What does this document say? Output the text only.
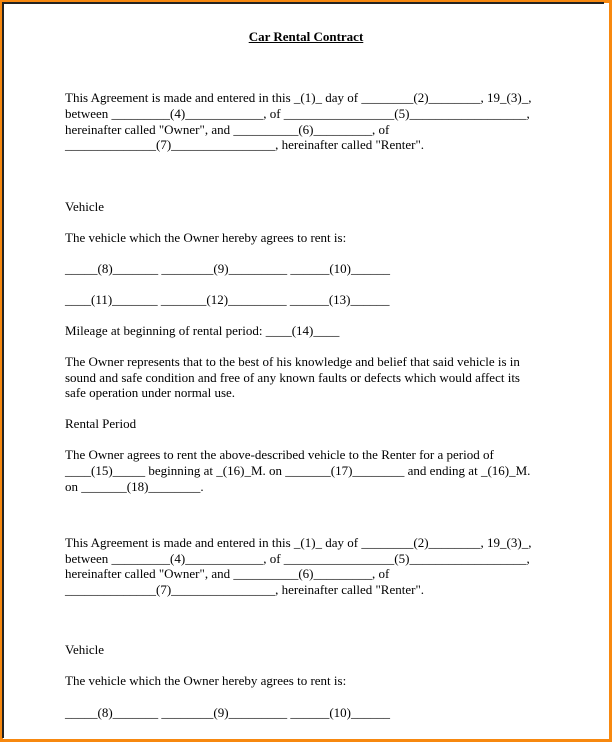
Car Rental Contract
This Agreement is made and entered in this _(1)_ day of ________(2)________, 19_(3)_,
between _________(4)____________, of _________________(5)__________________,
hereinafter called "Owner", and __________(6)_________, of
______________(7)________________, hereinafter called "Renter".
Vehicle
The vehicle which the Owner hereby agrees to rent is:
_____(8)_______ ________(9)_________ ______(10)______
____(11)_______ _______(12)_________ ______(13)______
Mileage at beginning of rental period: ____(14)____
The Owner represents that to the best of his knowledge and belief that said vehicle is in
sound and safe condition and free of any known faults or defects which would affect its
safe operation under normal use.
Rental Period
The Owner agrees to rent the above-described vehicle to the Renter for a period of
____(15)_____ beginning at _(16)_M. on _______(17)________ and ending at _(16)_M.
on _______(18)________.
This Agreement is made and entered in this _(1)_ day of ________(2)________, 19_(3)_,
between _________(4)____________, of _________________(5)__________________,
hereinafter called "Owner", and __________(6)_________, of
______________(7)________________, hereinafter called "Renter".
Vehicle
The vehicle which the Owner hereby agrees to rent is:
_____(8)_______ ________(9)_________ ______(10)______
